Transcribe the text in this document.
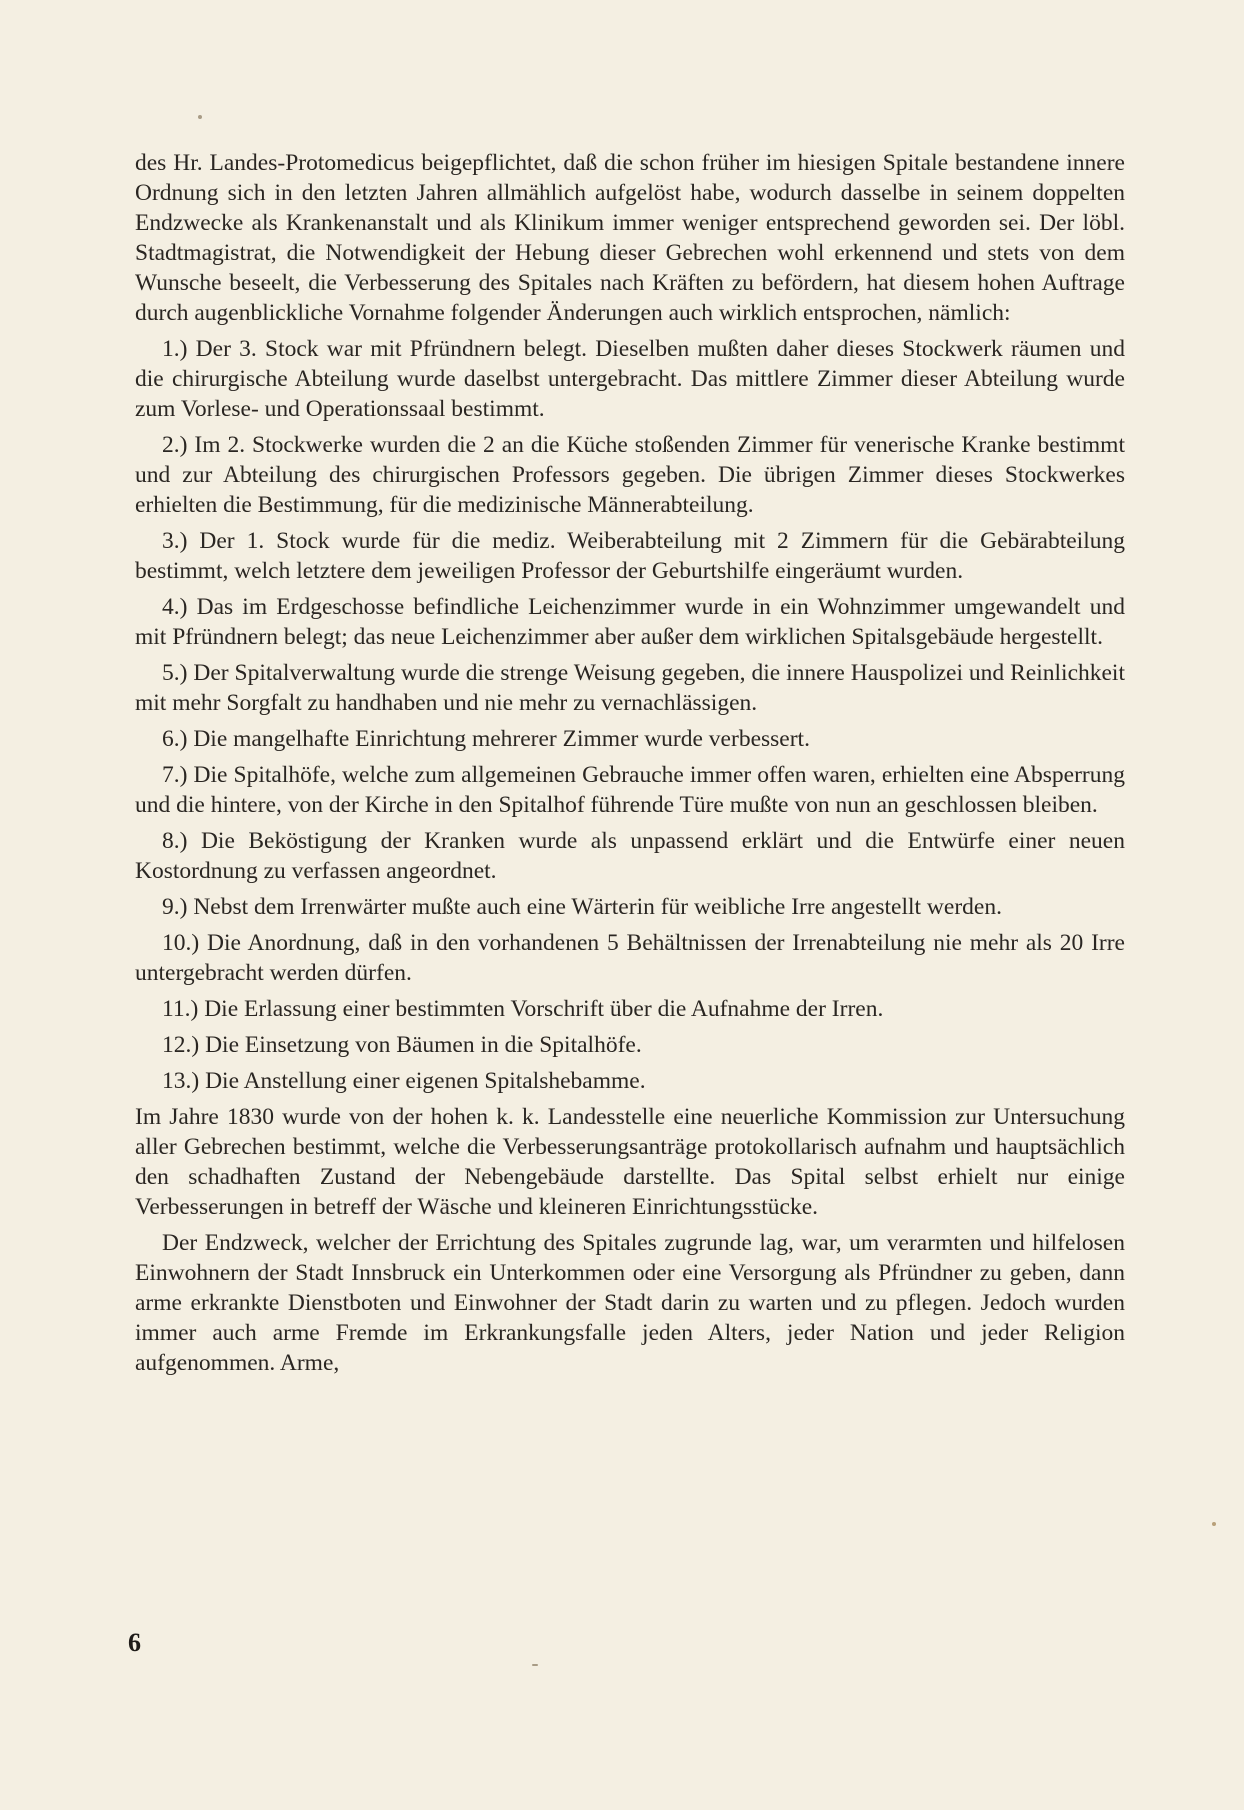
des Hr. Landes-Protomedicus beigepflichtet, daß die schon früher im hiesigen Spitale bestandene innere Ordnung sich in den letzten Jahren allmählich aufgelöst habe, wodurch dasselbe in seinem doppelten Endzwecke als Krankenanstalt und als Klinikum immer weniger entsprechend geworden sei. Der löbl. Stadtmagistrat, die Notwendigkeit der Hebung dieser Gebrechen wohl erkennend und stets von dem Wunsche beseelt, die Verbesserung des Spitales nach Kräften zu befördern, hat diesem hohen Auftrage durch augenblickliche Vornahme folgender Änderungen auch wirklich entsprochen, nämlich:

1.) Der 3. Stock war mit Pfründnern belegt. Dieselben mußten daher dieses Stockwerk räumen und die chirurgische Abteilung wurde daselbst untergebracht. Das mittlere Zimmer dieser Abteilung wurde zum Vorlese- und Operationssaal bestimmt.

2.) Im 2. Stockwerke wurden die 2 an die Küche stoßenden Zimmer für venerische Kranke bestimmt und zur Abteilung des chirurgischen Professors gegeben. Die übrigen Zimmer dieses Stockwerkes erhielten die Bestimmung, für die medizinische Männerabteilung.

3.) Der 1. Stock wurde für die mediz. Weiberabteilung mit 2 Zimmern für die Gebärabteilung bestimmt, welch letztere dem jeweiligen Professor der Geburtshilfe eingeräumt wurden.

4.) Das im Erdgeschosse befindliche Leichenzimmer wurde in ein Wohnzimmer umgewandelt und mit Pfründnern belegt; das neue Leichenzimmer aber außer dem wirklichen Spitalsgebäude hergestellt.

5.) Der Spitalverwaltung wurde die strenge Weisung gegeben, die innere Hauspolizei und Reinlichkeit mit mehr Sorgfalt zu handhaben und nie mehr zu vernachlässigen.

6.) Die mangelhafte Einrichtung mehrerer Zimmer wurde verbessert.

7.) Die Spitalhöfe, welche zum allgemeinen Gebrauche immer offen waren, erhielten eine Absperrung und die hintere, von der Kirche in den Spitalhof führende Türe mußte von nun an geschlossen bleiben.

8.) Die Beköstigung der Kranken wurde als unpassend erklärt und die Entwürfe einer neuen Kostordnung zu verfassen angeordnet.

9.) Nebst dem Irrenwärter mußte auch eine Wärterin für weibliche Irre angestellt werden.

10.) Die Anordnung, daß in den vorhandenen 5 Behältnissen der Irrenabteilung nie mehr als 20 Irre untergebracht werden dürfen.

11.) Die Erlassung einer bestimmten Vorschrift über die Aufnahme der Irren.

12.) Die Einsetzung von Bäumen in die Spitalhöfe.

13.) Die Anstellung einer eigenen Spitalshebamme.

Im Jahre 1830 wurde von der hohen k. k. Landesstelle eine neuerliche Kommission zur Untersuchung aller Gebrechen bestimmt, welche die Verbesserungsanträge protokollarisch aufnahm und hauptsächlich den schadhaften Zustand der Nebengebäude darstellte. Das Spital selbst erhielt nur einige Verbesserungen in betreff der Wäsche und kleineren Einrichtungsstücke.

Der Endzweck, welcher der Errichtung des Spitales zugrunde lag, war, um verarmten und hilfelosen Einwohnern der Stadt Innsbruck ein Unterkommen oder eine Versorgung als Pfründner zu geben, dann arme erkrankte Dienstboten und Einwohner der Stadt darin zu warten und zu pflegen. Jedoch wurden immer auch arme Fremde im Erkrankungsfalle jeden Alters, jeder Nation und jeder Religion aufgenommen. Arme,

6
